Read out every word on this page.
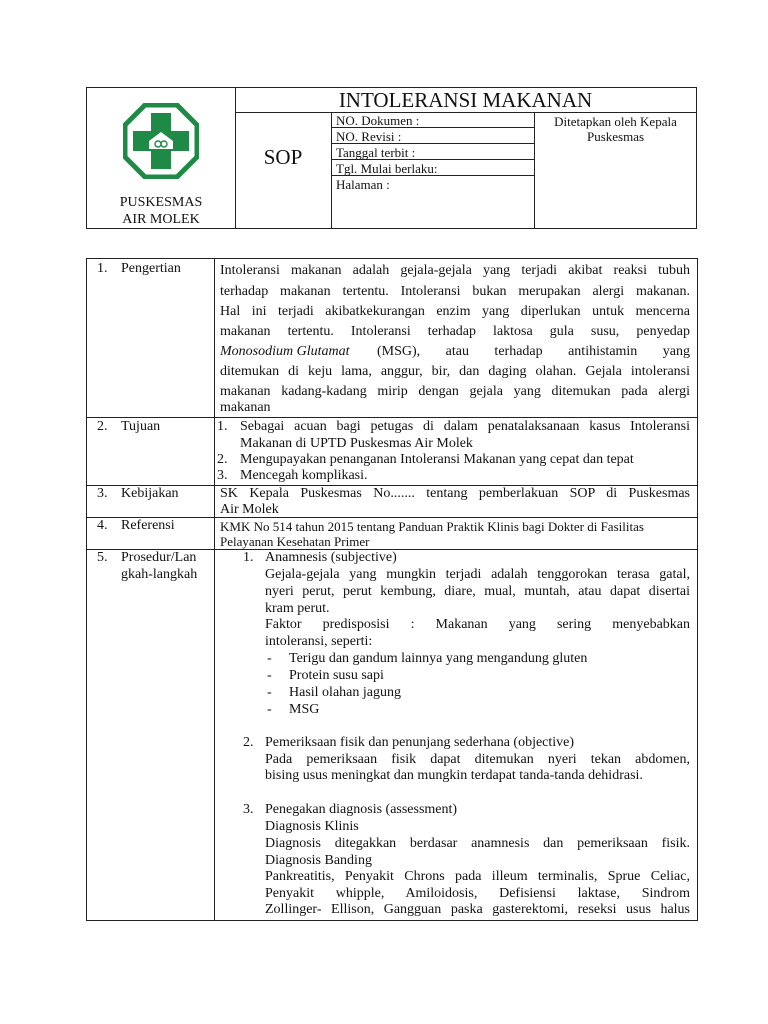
PUSKESMAS
AIR MOLEK
INTOLERANSI MAKANAN
SOP
NO. Dokumen :
NO. Revisi :
Tanggal terbit :
Tgl. Mulai berlaku:
Halaman :
Ditetapkan oleh Kepala
Puskesmas
1. Pengertian	Intoleransi makanan adalah gejala-gejala yang terjadi akibat reaksi tubuh
terhadap makanan tertentu. Intoleransi bukan merupakan alergi makanan.
Hal ini terjadi akibatkekurangan enzim yang diperlukan untuk mencerna
makanan tertentu. Intoleransi terhadap laktosa gula susu, penyedap
Monosodium Glutamat (MSG), atau terhadap antihistamin yang
ditemukan di keju lama, anggur, bir, dan daging olahan. Gejala intoleransi
makanan kadang-kadang mirip dengan gejala yang ditemukan pada alergi
makanan
2. Tujuan	1. Sebagai acuan bagi petugas di dalam penatalaksanaan kasus Intoleransi
Makanan di UPTD Puskesmas Air Molek
2. Mengupayakan penanganan Intoleransi Makanan yang cepat dan tepat
3. Mencegah komplikasi.
3. Kebijakan	SK Kepala Puskesmas No....... tentang pemberlakuan SOP di Puskesmas
Air Molek
4. Referensi	KMK No 514 tahun 2015 tentang Panduan Praktik Klinis bagi Dokter di Fasilitas
Pelayanan Kesehatan Primer
5. Prosedur/Lan
gkah-langkah
1. Anamnesis (subjective)
Gejala-gejala yang mungkin terjadi adalah tenggorokan terasa gatal,
nyeri perut, perut kembung, diare, mual, muntah, atau dapat disertai
kram perut.
Faktor predisposisi : Makanan yang sering menyebabkan
intoleransi, seperti:
- Terigu dan gandum lainnya yang mengandung gluten
- Protein susu sapi
- Hasil olahan jagung
- MSG
2. Pemeriksaan fisik dan penunjang sederhana (objective)
Pada pemeriksaan fisik dapat ditemukan nyeri tekan abdomen,
bising usus meningkat dan mungkin terdapat tanda-tanda dehidrasi.
3. Penegakan diagnosis (assessment)
Diagnosis Klinis
Diagnosis ditegakkan berdasar anamnesis dan pemeriksaan fisik.
Diagnosis Banding
Pankreatitis, Penyakit Chrons pada illeum terminalis, Sprue Celiac,
Penyakit whipple, Amiloidosis, Defisiensi laktase, Sindrom
Zollinger- Ellison, Gangguan paska gasterektomi, reseksi usus halus
